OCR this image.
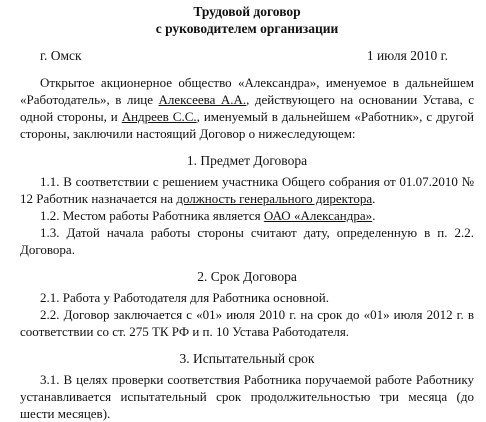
Трудовой договор
с руководителем организации
г. Омск	1 июля 2010 г.

Открытое акционерное общество «Александра», именуемое в дальнейшем «Работодатель», в лице Алексеева А.А., действующего на основании Устава, с одной стороны, и Андреев С.С., именуемый в дальнейшем «Работник», с другой стороны, заключили настоящий Договор о нижеследующем:

1. Предмет Договора

1.1. В соответствии с решением участника Общего собрания от 01.07.2010 № 12 Работник назначается на должность генерального директора.

1.2. Местом работы Работника является ОАО «Александра».

1.3. Датой начала работы стороны считают дату, определенную в п. 2.2. Договора.

2. Срок Договора

2.1. Работа у Работодателя для Работника основной.

2.2. Договор заключается с «01» июля 2010 г. на срок до «01» июля 2012 г. в соответствии со ст. 275 ТК РФ и п. 10 Устава Работодателя.

3. Испытательный срок

3.1. В целях проверки соответствия Работника поручаемой работе Работнику устанавливается испытательный срок продолжительностью три месяца (до шести месяцев).
